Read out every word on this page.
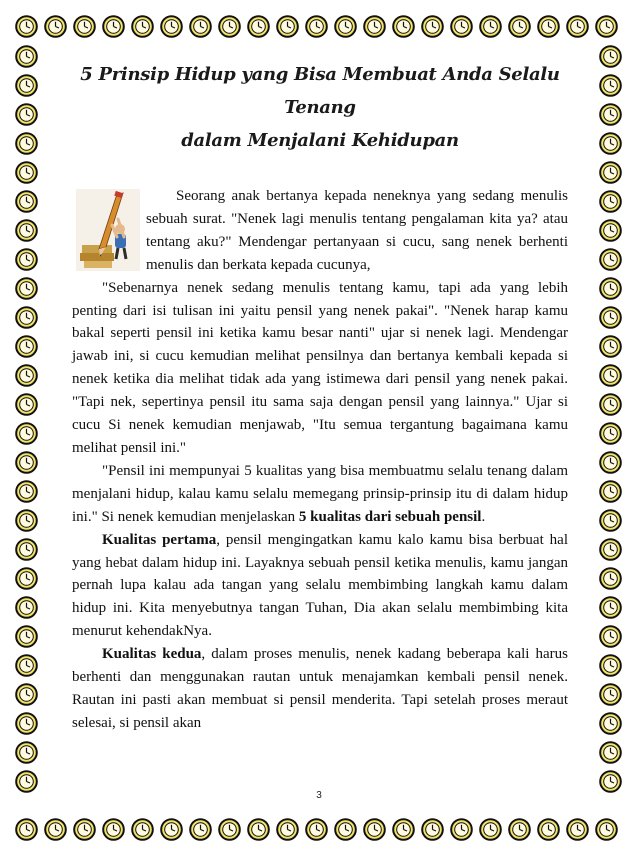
5 Prinsip Hidup yang Bisa Membuat Anda Selalu Tenang
dalam Menjalani Kehidupan

Seorang anak bertanya kepada neneknya yang sedang menulis sebuah surat. "Nenek lagi menulis tentang pengalaman kita ya? atau tentang aku?" Mendengar pertanyaan si cucu, sang nenek berhenti menulis dan berkata kepada cucunya,

"Sebenarnya nenek sedang menulis tentang kamu, tapi ada yang lebih penting dari isi tulisan ini yaitu pensil yang nenek pakai". "Nenek harap kamu bakal seperti pensil ini ketika kamu besar nanti" ujar si nenek lagi. Mendengar jawab ini, si cucu kemudian melihat pensilnya dan bertanya kembali kepada si nenek ketika dia melihat tidak ada yang istimewa dari pensil yang nenek pakai. "Tapi nek, sepertinya pensil itu sama saja dengan pensil yang lainnya." Ujar si cucu Si nenek kemudian menjawab, "Itu semua tergantung bagaimana kamu melihat pensil ini."

"Pensil ini mempunyai 5 kualitas yang bisa membuatmu selalu tenang dalam menjalani hidup, kalau kamu selalu memegang prinsip-prinsip itu di dalam hidup ini." Si nenek kemudian menjelaskan 5 kualitas dari sebuah pensil.

Kualitas pertama, pensil mengingatkan kamu kalo kamu bisa berbuat hal yang hebat dalam hidup ini. Layaknya sebuah pensil ketika menulis, kamu jangan pernah lupa kalau ada tangan yang selalu membimbing langkah kamu dalam hidup ini. Kita menyebutnya tangan Tuhan, Dia akan selalu membimbing kita menurut kehendakNya.

Kualitas kedua, dalam proses menulis, nenek kadang beberapa kali harus berhenti dan menggunakan rautan untuk menajamkan kembali pensil nenek. Rautan ini pasti akan membuat si pensil menderita. Tapi setelah proses meraut selesai, si pensil akan

3
